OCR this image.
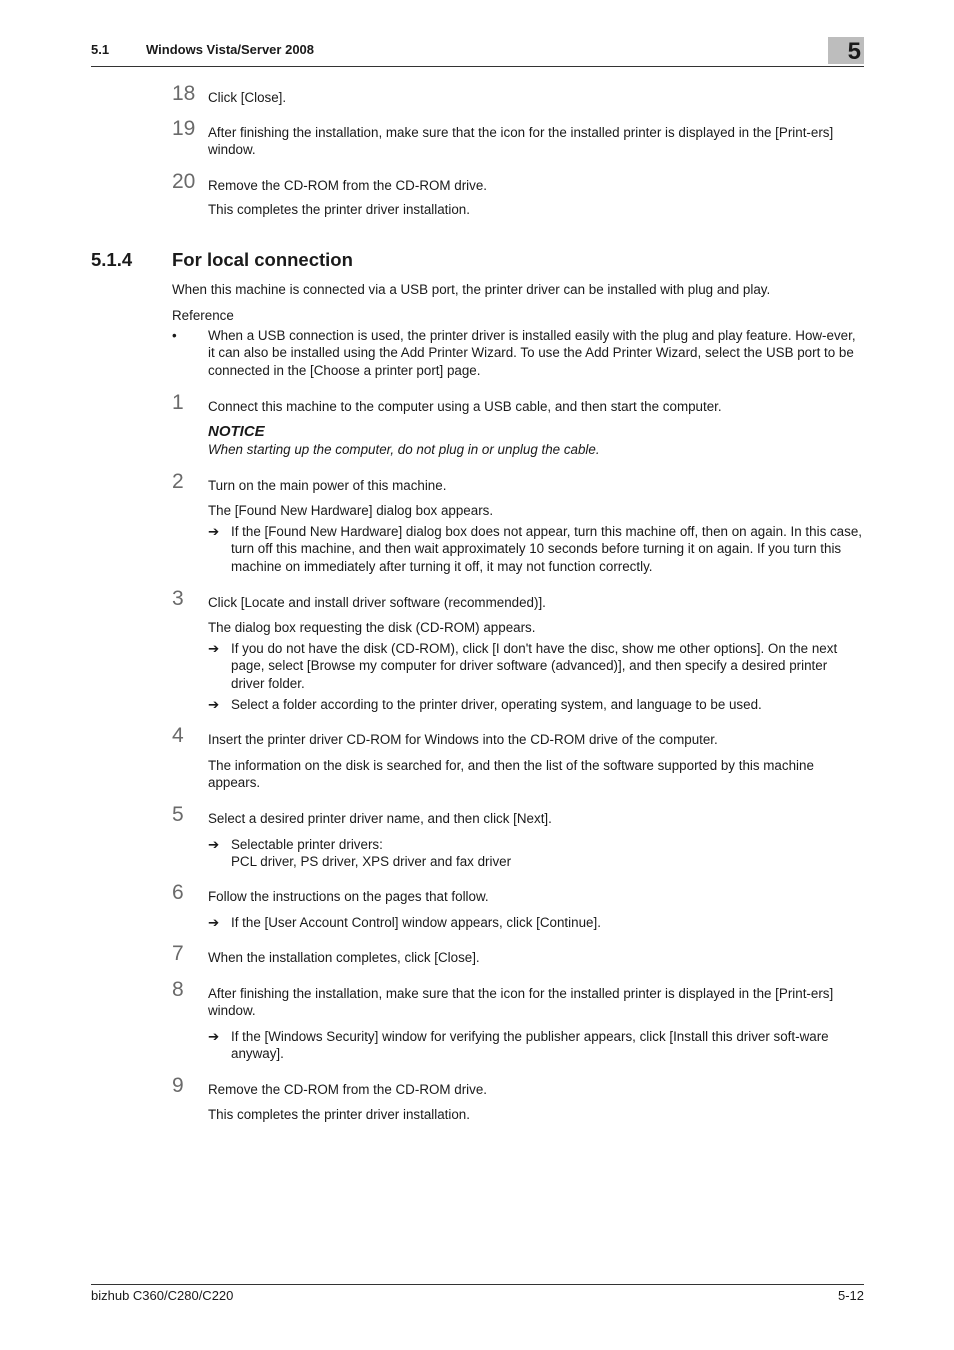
5.1	Windows Vista/Server 2008	5
18 Click [Close].
19 After finishing the installation, make sure that the icon for the installed printer is displayed in the [Print-ers] window.
20 Remove the CD-ROM from the CD-ROM drive.
This completes the printer driver installation.
5.1.4 For local connection
When this machine is connected via a USB port, the printer driver can be installed with plug and play.
Reference
• When a USB connection is used, the printer driver is installed easily with the plug and play feature. How-ever, it can also be installed using the Add Printer Wizard. To use the Add Printer Wizard, select the USB port to be connected in the [Choose a printer port] page.
1	Connect this machine to the computer using a USB cable, and then start the computer.
NOTICE
When starting up the computer, do not plug in or unplug the cable.
2	Turn on the main power of this machine.
The [Found New Hardware] dialog box appears.
➔ If the [Found New Hardware] dialog box does not appear, turn this machine off, then on again. In this case, turn off this machine, and then wait approximately 10 seconds before turning it on again. If you turn this machine on immediately after turning it off, it may not function correctly.
3	Click [Locate and install driver software (recommended)].
The dialog box requesting the disk (CD-ROM) appears.
➔ If you do not have the disk (CD-ROM), click [I don't have the disc, show me other options]. On the next page, select [Browse my computer for driver software (advanced)], and then specify a desired printer driver folder.
➔ Select a folder according to the printer driver, operating system, and language to be used.
4	Insert the printer driver CD-ROM for Windows into the CD-ROM drive of the computer.
The information on the disk is searched for, and then the list of the software supported by this machine appears.
5	Select a desired printer driver name, and then click [Next].
➔ Selectable printer drivers:
PCL driver, PS driver, XPS driver and fax driver
6	Follow the instructions on the pages that follow.
➔ If the [User Account Control] window appears, click [Continue].
7	When the installation completes, click [Close].
8	After finishing the installation, make sure that the icon for the installed printer is displayed in the [Print-ers] window.
➔ If the [Windows Security] window for verifying the publisher appears, click [Install this driver soft-ware anyway].
9	Remove the CD-ROM from the CD-ROM drive.
This completes the printer driver installation.
bizhub C360/C280/C220	5-12
